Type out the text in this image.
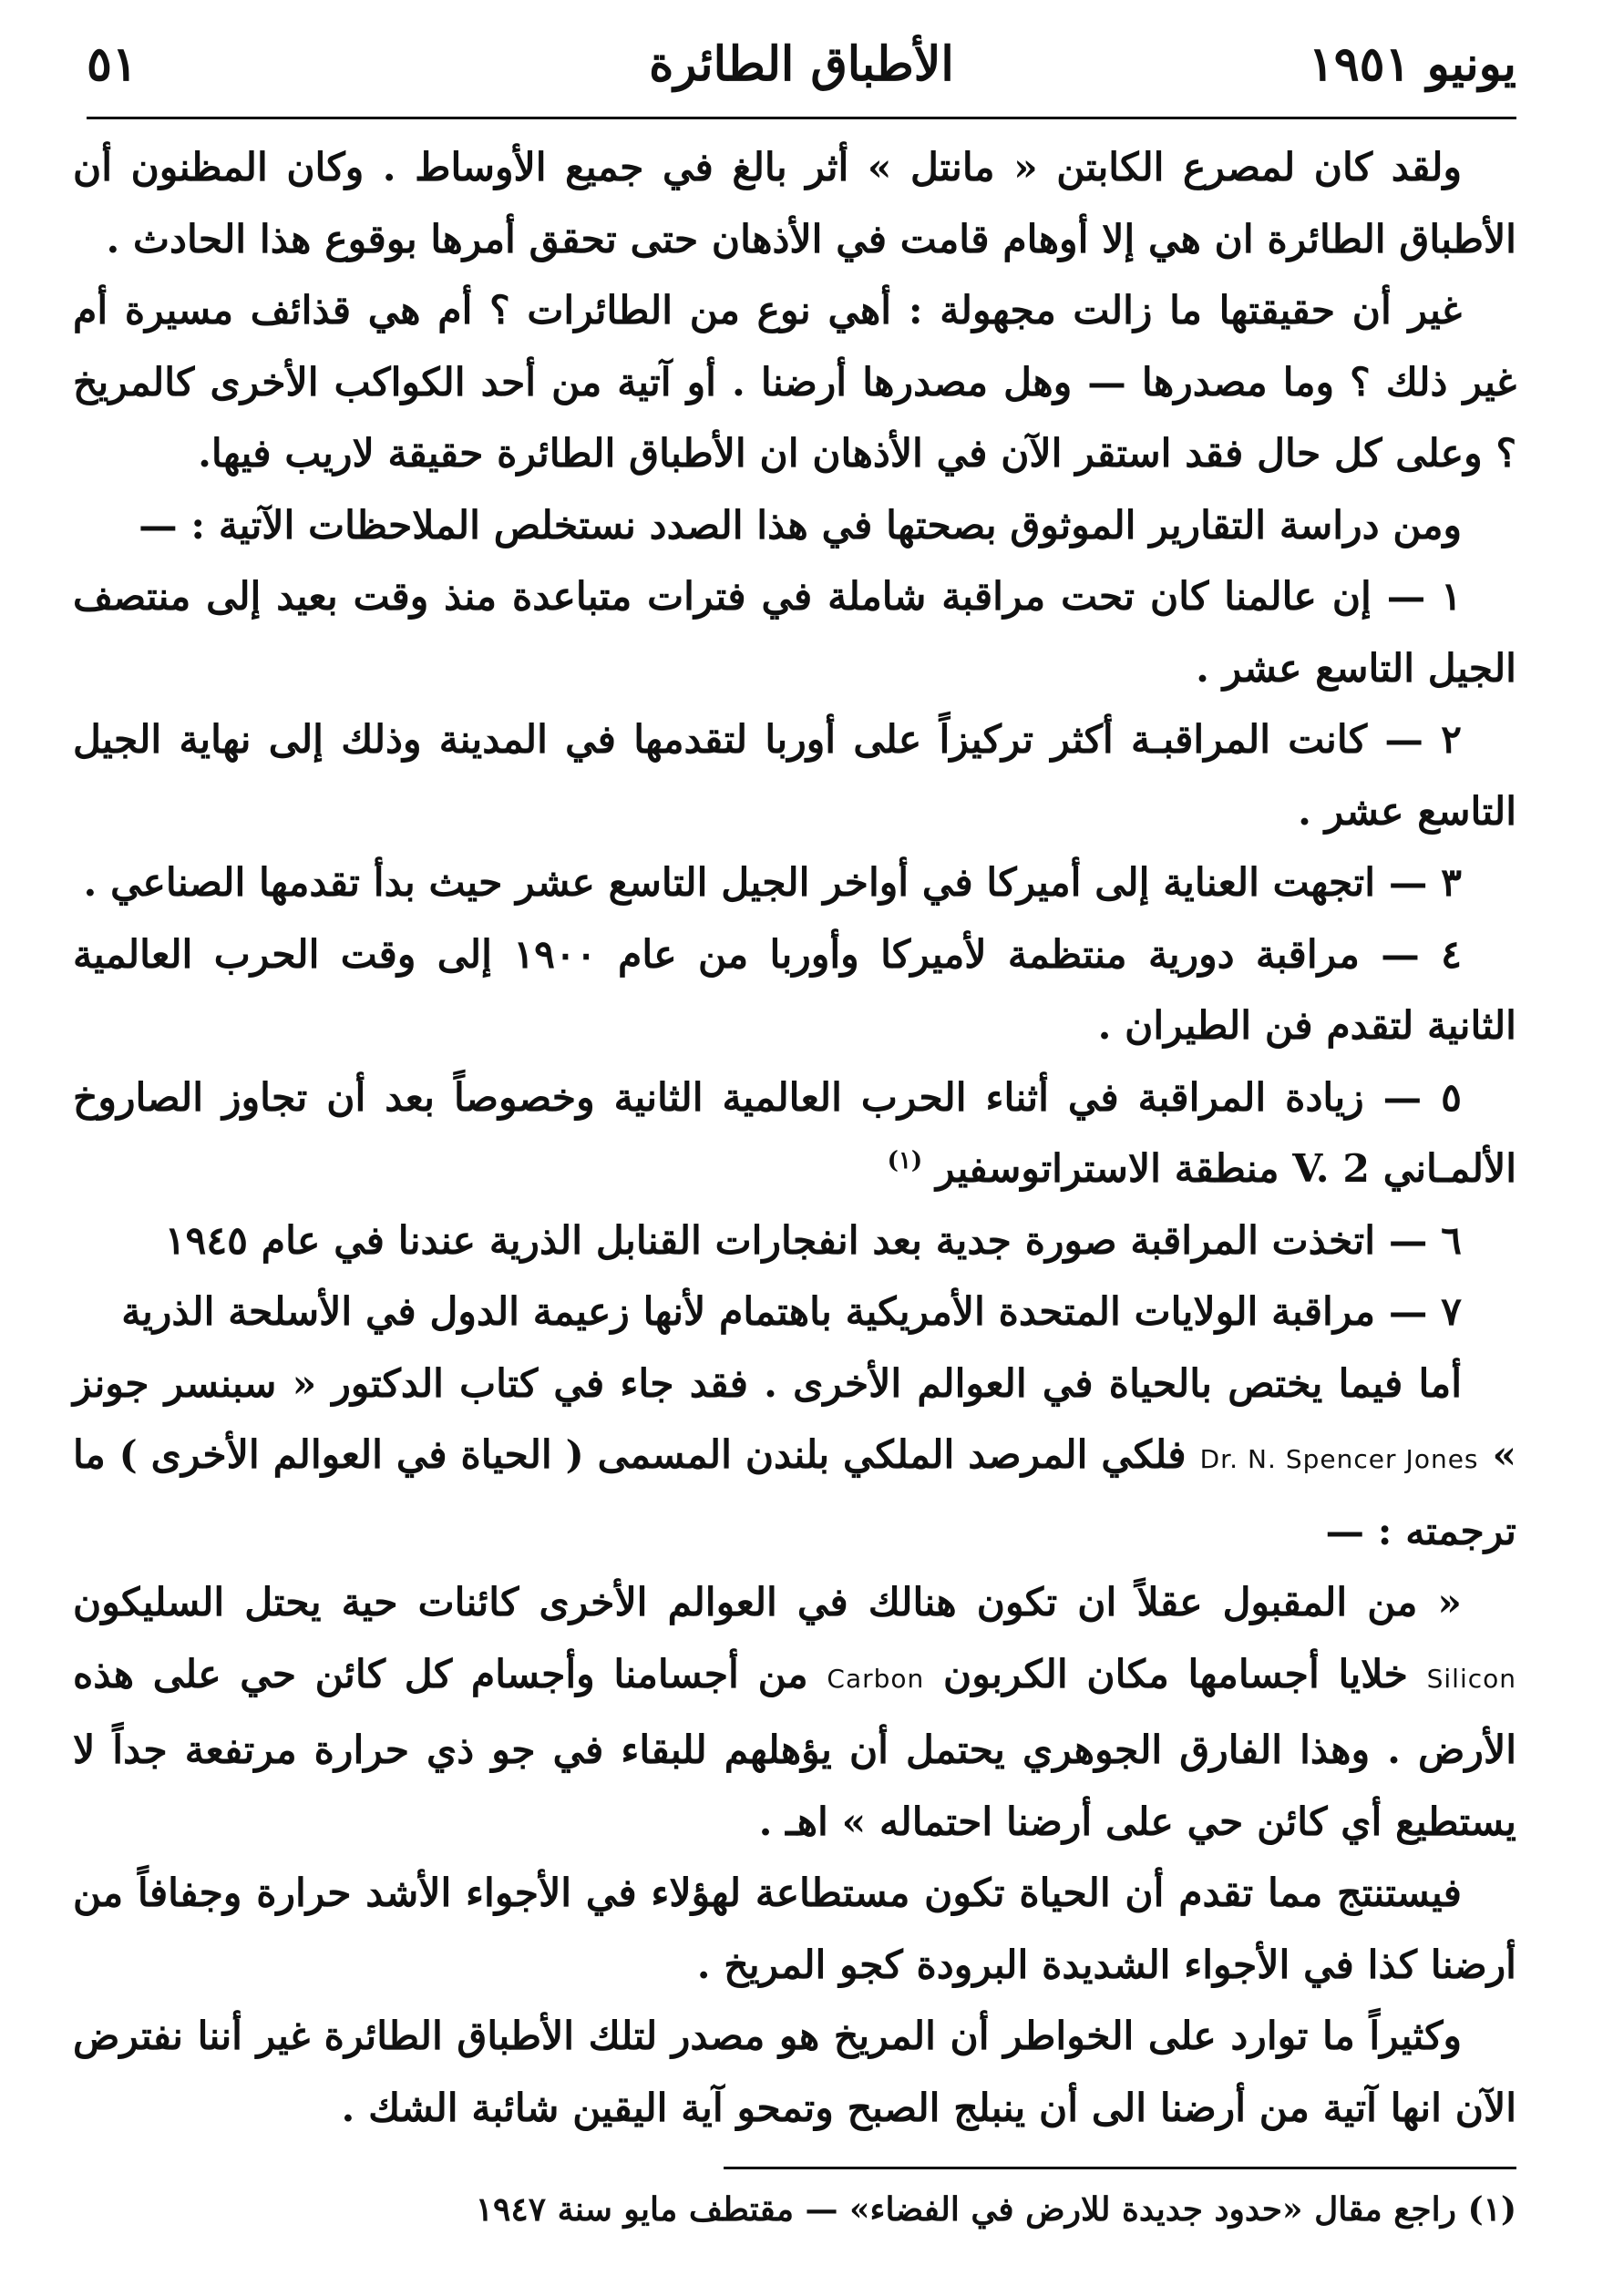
يونيو ١٩٥١
الأطباق الطائرة
٥١

ولقد كان لمصرع الكابتن « مانتل » أثر بالغ في جميع الأوساط . وكان المظنون أن الأطباق الطائرة ان هي إلا أوهام قامت في الأذهان حتى تحقق أمرها بوقوع هذا الحادث .

غير أن حقيقتها ما زالت مجهولة : أهي نوع من الطائرات ؟ أم هي قذائف مسيرة أم غير ذلك ؟ وما مصدرها — وهل مصدرها أرضنا . أو آتية من أحد الكواكب الأخرى كالمريخ ؟ وعلى كل حال فقد استقر الآن في الأذهان ان الأطباق الطائرة حقيقة لاريب فيها.

ومن دراسة التقارير الموثوق بصحتها في هذا الصدد نستخلص الملاحظات الآتية : —

١ — إن عالمنا كان تحت مراقبة شاملة في فترات متباعدة منذ وقت بعيد إلى منتصف الجيل التاسع عشر .

٢ — كانت المراقبـة أكثر تركيزاً على أوربا لتقدمها في المدينة وذلك إلى نهاية الجيل التاسع عشر .

٣ — اتجهت العناية إلى أميركا في أواخر الجيل التاسع عشر حيث بدأ تقدمها الصناعي .

٤ — مراقبة دورية منتظمة لأميركا وأوربا من عام ١٩٠٠ إلى وقت الحرب العالمية الثانية لتقدم فن الطيران .

٥ — زيادة المراقبة في أثناء الحرب العالمية الثانية وخصوصاً بعد أن تجاوز الصاروخ الألمـاني V. 2 منطقة الاستراتوسفير $^{(١)}$

٦ — اتخذت المراقبة صورة جدية بعد انفجارات القنابل الذرية عندنا في عام ١٩٤٥

٧ — مراقبة الولايات المتحدة الأمريكية باهتمام لأنها زعيمة الدول في الأسلحة الذرية

أما فيما يختص بالحياة في العوالم الأخرى . فقد جاء في كتاب الدكتور « سبنسر جونز » Dr. N. Spencer Jones فلكي المرصد الملكي بلندن المسمى ( الحياة في العوالم الأخرى ) ما ترجمته : —

« من المقبول عقلاً ان تكون هنالك في العوالم الأخرى كائنات حية يحتل السليكون Silicon خلايا أجسامها مكان الكربون Carbon من أجسامنا وأجسام كل كائن حي على هذه الأرض . وهذا الفارق الجوهري يحتمل أن يؤهلهم للبقاء في جو ذي حرارة مرتفعة جداً لا يستطيع أي كائن حي على أرضنا احتماله » اهـ .

فيستنتج مما تقدم أن الحياة تكون مستطاعة لهؤلاء في الأجواء الأشد حرارة وجفافاً من أرضنا كذا في الأجواء الشديدة البرودة كجو المريخ .

وكثيراً ما توارد على الخواطر أن المريخ هو مصدر لتلك الأطباق الطائرة غير أننا نفترض الآن انها آتية من أرضنا الى أن ينبلج الصبح وتمحو آية اليقين شائبة الشك .

(١) راجع مقال «حدود جديدة للارض في الفضاء» — مقتطف مايو سنة ١٩٤٧
